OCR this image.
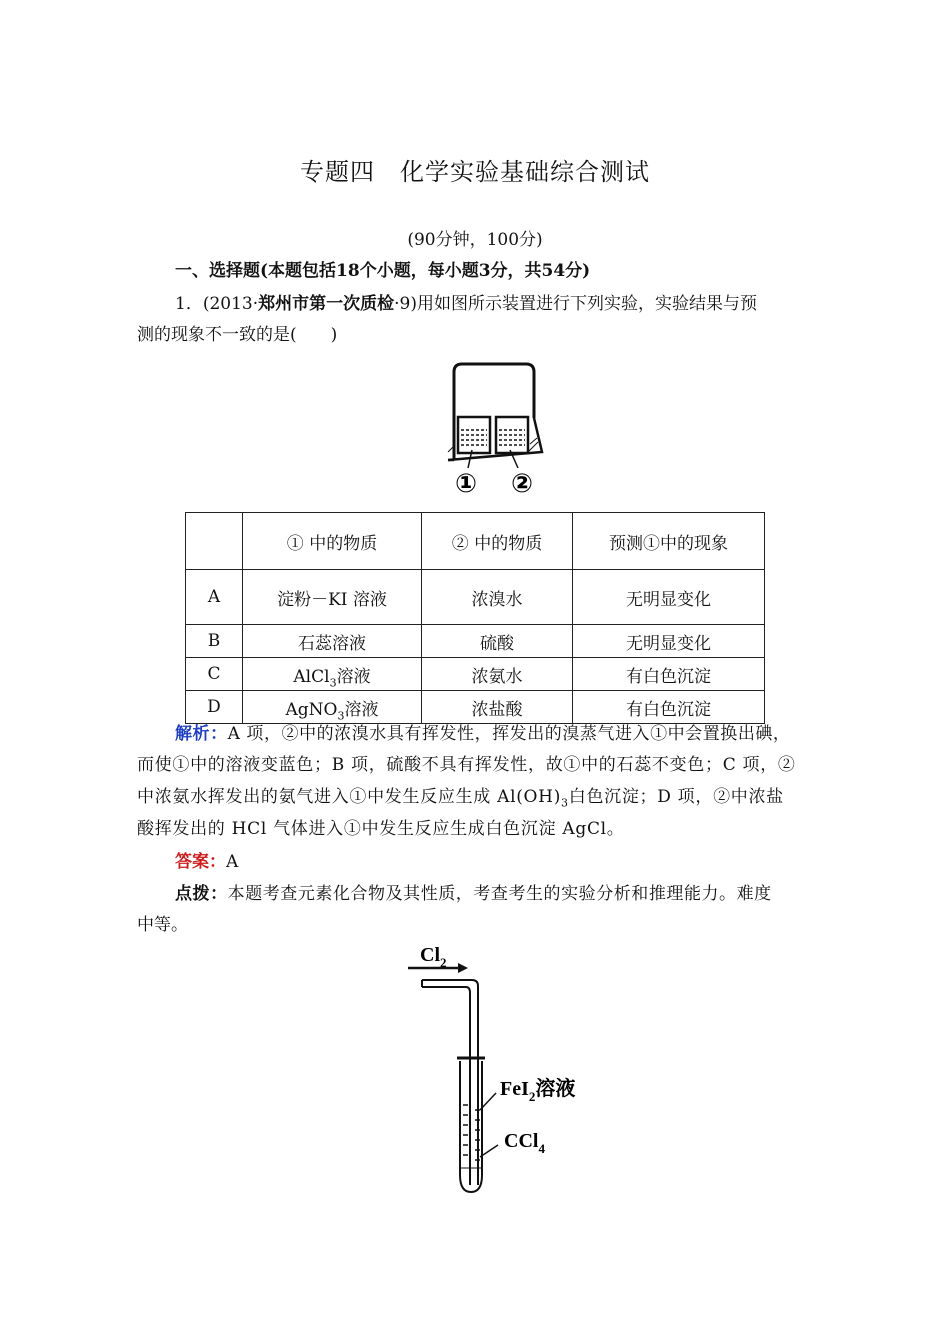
专题四　化学实验基础综合测试
(90分钟，100分)
一、选择题(本题包括18个小题，每小题3分，共54分)
1．(2013·郑州市第一次质检·9)用如图所示装置进行下列实验，实验结果与预
测的现象不一致的是(　　)
① ②
	① 中的物质	② 中的物质	预测①中的现象
A	淀粉－KI 溶液	浓溴水	无明显变化
B	石蕊溶液	硫酸	无明显变化
C	AlCl$_3$溶液	浓氨水	有白色沉淀
D	AgNO$_3$溶液	浓盐酸	有白色沉淀
解析：A 项，②中的浓溴水具有挥发性，挥发出的溴蒸气进入①中会置换出碘，
而使①中的溶液变蓝色；B 项，硫酸不具有挥发性，故①中的石蕊不变色；C 项，②
中浓氨水挥发出的氨气进入①中发生反应生成 $Al(OH)_3$白色沉淀；D 项，②中浓盐
酸挥发出的 HCl 气体进入①中发生反应生成白色沉淀 AgCl。
答案：A
点拨：本题考查元素化合物及其性质，考查考生的实验分析和推理能力。难度
中等。
$Cl_2$
FeI$_2$溶液
CCl$_4$
